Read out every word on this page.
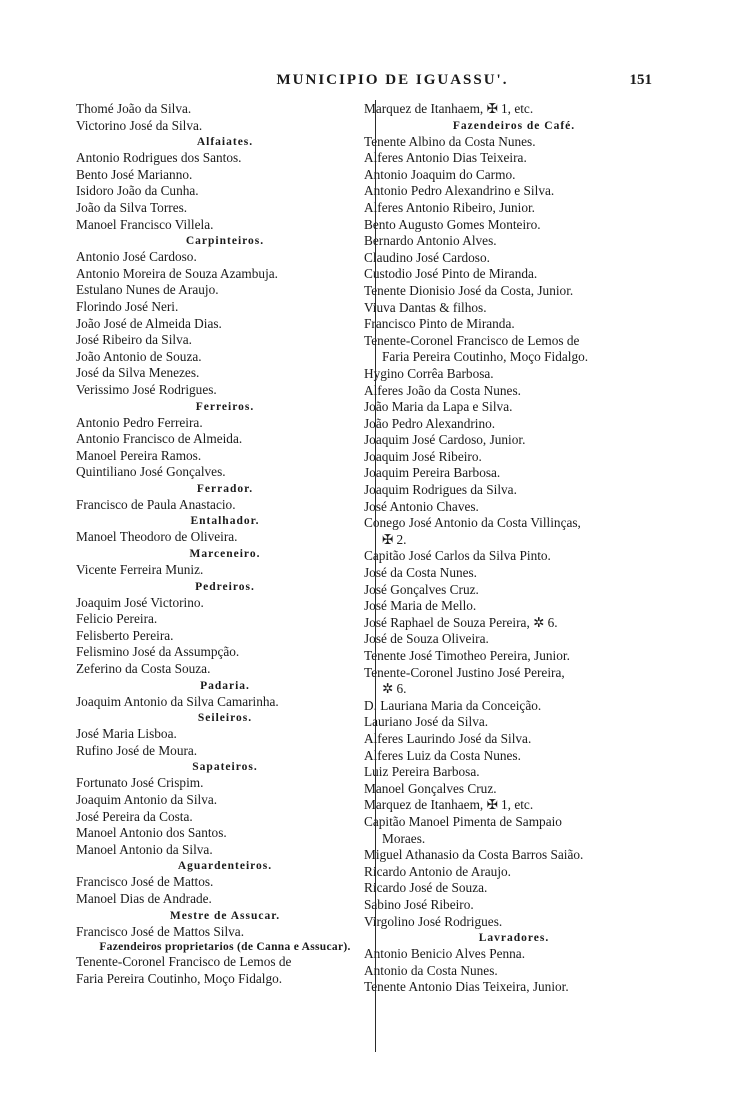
MUNICIPIO DE IGUASSU'.	151
Thomé João da Silva.
Victorino José da Silva.
Alfaiates.
Antonio Rodrigues dos Santos.
Bento José Marianno.
Isidoro João da Cunha.
João da Silva Torres.
Manoel Francisco Villela.
Carpinteiros.
Antonio José Cardoso.
Antonio Moreira de Souza Azambuja.
Estulano Nunes de Araujo.
Florindo José Neri.
João José de Almeida Dias.
José Ribeiro da Silva.
João Antonio de Souza.
José da Silva Menezes.
Verissimo José Rodrigues.
Ferreiros.
Antonio Pedro Ferreira.
Antonio Francisco de Almeida.
Manoel Pereira Ramos.
Quintiliano José Gonçalves.
Ferrador.
Francisco de Paula Anastacio.
Entalhador.
Manoel Theodoro de Oliveira.
Marceneiro.
Vicente Ferreira Muniz.
Pedreiros.
Joaquim José Victorino.
Felicio Pereira.
Felisberto Pereira.
Felismino José da Assumpção.
Zeferino da Costa Souza.
Padaria.
Joaquim Antonio da Silva Camarinha.
Seileiros.
José Maria Lisboa.
Rufino José de Moura.
Sapateiros.
Fortunato José Crispim.
Joaquim Antonio da Silva.
José Pereira da Costa.
Manoel Antonio dos Santos.
Manoel Antonio da Silva.
Aguardenteiros.
Francisco José de Mattos.
Manoel Dias de Andrade.
Mestre de Assucar.
Francisco José de Mattos Silva.
Fazendeiros proprietarios (de Canna e Assucar).
Tenente-Coronel Francisco de Lemos de
Faria Pereira Coutinho, Moço Fidalgo.
Marquez de Itanhaem, ✠ 1, etc.
Fazendeiros de Café.
Tenente Albino da Costa Nunes.
Alferes Antonio Dias Teixeira.
Antonio Joaquim do Carmo.
Antonio Pedro Alexandrino e Silva.
Alferes Antonio Ribeiro, Junior.
Bento Augusto Gomes Monteiro.
Bernardo Antonio Alves.
Claudino José Cardoso.
Custodio José Pinto de Miranda.
Tenente Dionisio José da Costa, Junior.
Viuva Dantas & filhos.
Francisco Pinto de Miranda.
Tenente-Coronel Francisco de Lemos de
Faria Pereira Coutinho, Moço Fidalgo.
Hygino Corrêa Barbosa.
Alferes João da Costa Nunes.
João Maria da Lapa e Silva.
João Pedro Alexandrino.
Joaquim José Cardoso, Junior.
Joaquim José Ribeiro.
Joaquim Pereira Barbosa.
Joaquim Rodrigues da Silva.
José Antonio Chaves.
Conego José Antonio da Costa Villinças,
✠ 2.
Capitão José Carlos da Silva Pinto.
José da Costa Nunes.
José Gonçalves Cruz.
José Maria de Mello.
José Raphael de Souza Pereira, ✲ 6.
José de Souza Oliveira.
Tenente José Timotheo Pereira, Junior.
Tenente-Coronel Justino José Pereira,
✲ 6.
D. Lauriana Maria da Conceição.
Lauriano José da Silva.
Alferes Laurindo José da Silva.
Alferes Luiz da Costa Nunes.
Luiz Pereira Barbosa.
Manoel Gonçalves Cruz.
Marquez de Itanhaem, ✠ 1, etc.
Capitão Manoel Pimenta de Sampaio
Moraes.
Miguel Athanasio da Costa Barros Saião.
Ricardo Antonio de Araujo.
Ricardo José de Souza.
Sabino José Ribeiro.
Virgolino José Rodrigues.
Lavradores.
Antonio Benicio Alves Penna.
Antonio da Costa Nunes.
Tenente Antonio Dias Teixeira, Junior.
